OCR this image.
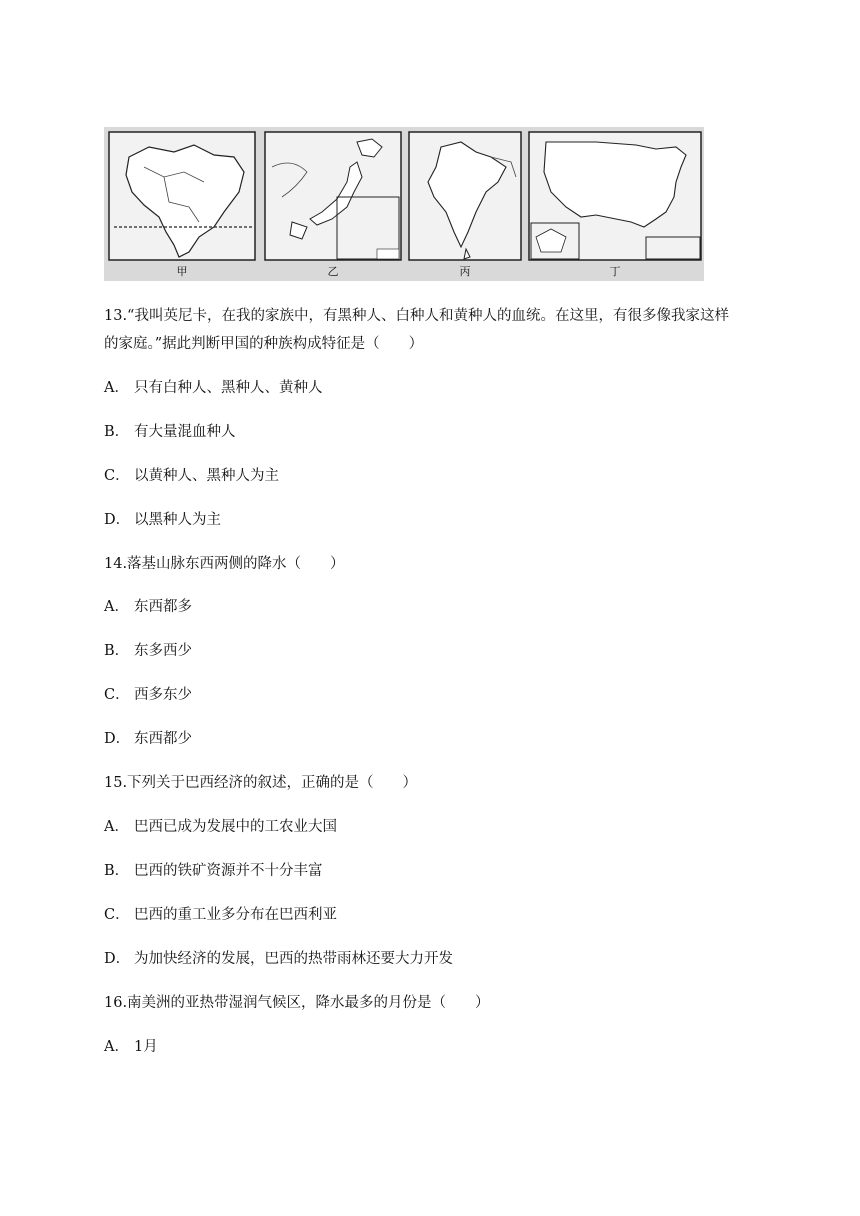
甲	乙	丙	丁
13.“我叫英尼卡，在我的家族中，有黑种人、白种人和黄种人的血统。在这里，有很多像我家这样
的家庭。”据此判断甲国的种族构成特征是（　　）
A． 只有白种人、黑种人、黄种人
B． 有大量混血种人
C． 以黄种人、黑种人为主
D． 以黑种人为主
14.落基山脉东西两侧的降水（　　）
A． 东西都多
B． 东多西少
C． 西多东少
D． 东西都少
15.下列关于巴西经济的叙述，正确的是（　　）
A． 巴西已成为发展中的工农业大国
B． 巴西的铁矿资源并不十分丰富
C． 巴西的重工业多分布在巴西利亚
D． 为加快经济的发展，巴西的热带雨林还要大力开发
16.南美洲的亚热带湿润气候区，降水最多的月份是（　　）
A． 1月
